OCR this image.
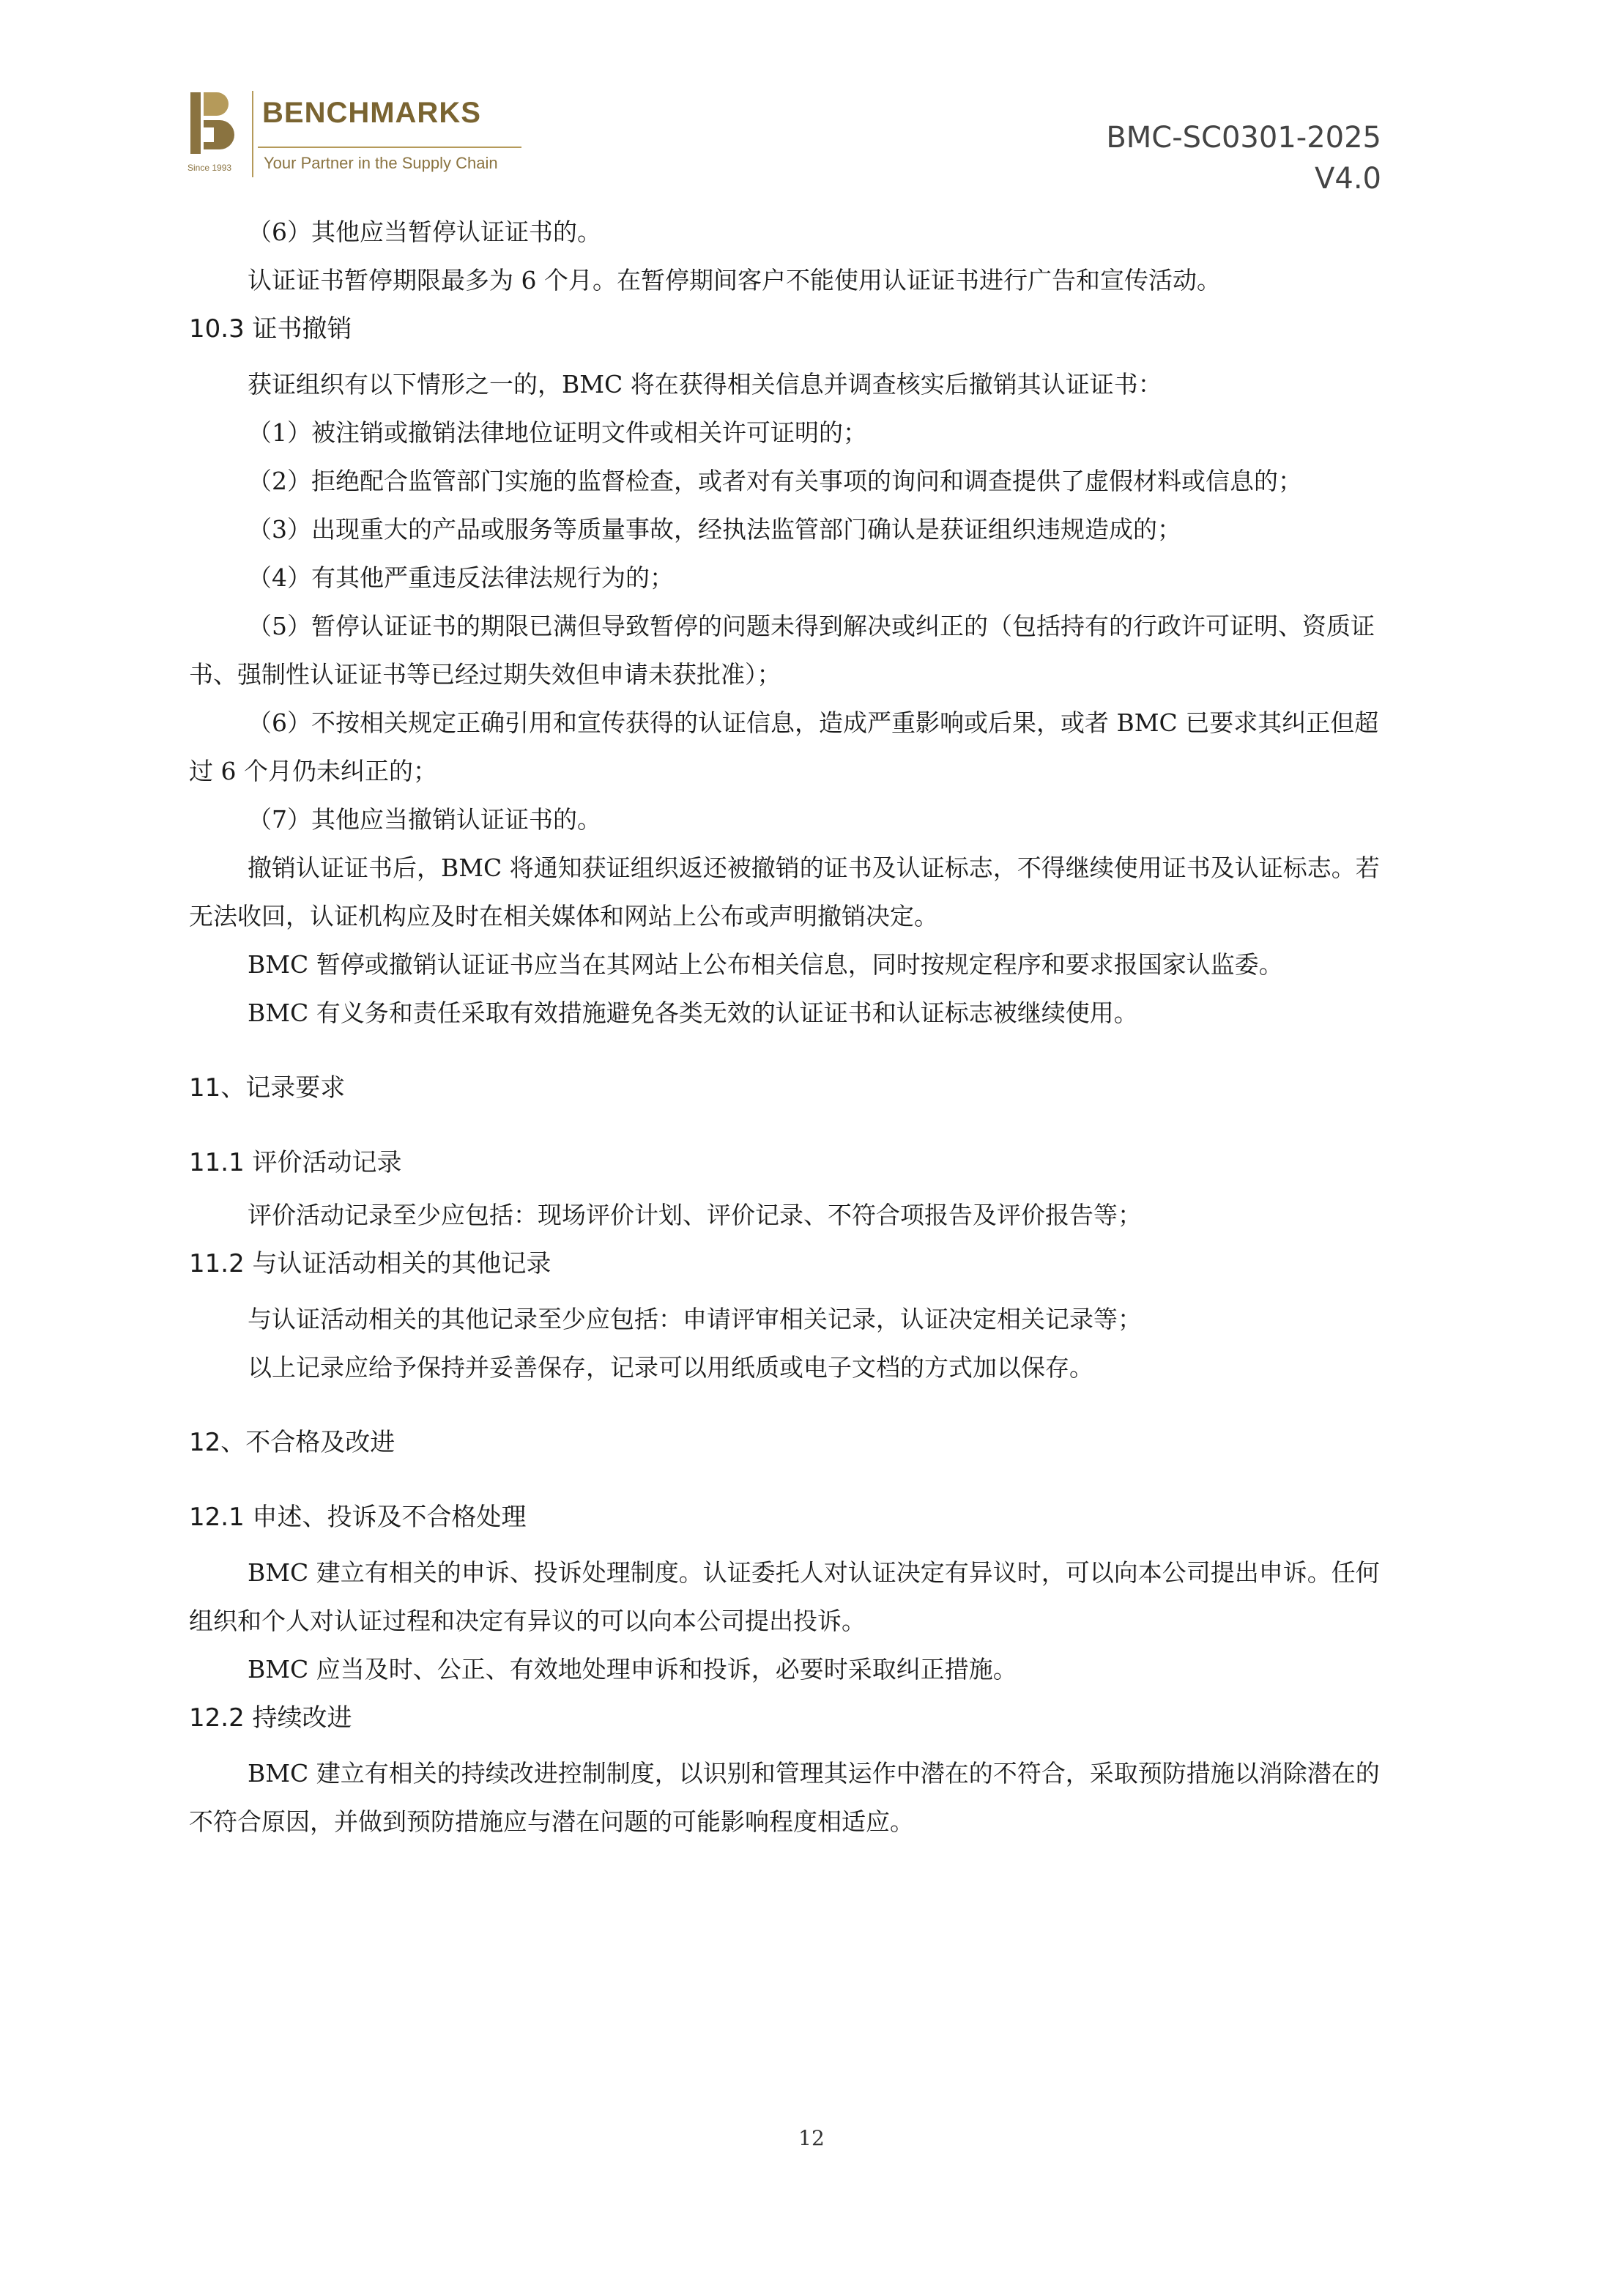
Since 1993
BENCHMARKS
Your Partner in the Supply Chain
BMC-SC0301-2025
V4.0

（6）其他应当暂停认证证书的。

认证证书暂停期限最多为 6 个月。在暂停期间客户不能使用认证证书进行广告和宣传活动。

10.3 证书撤销

获证组织有以下情形之一的，BMC 将在获得相关信息并调查核实后撤销其认证证书：

（1）被注销或撤销法律地位证明文件或相关许可证明的；

（2）拒绝配合监管部门实施的监督检查，或者对有关事项的询问和调查提供了虚假材料或信息的；

（3）出现重大的产品或服务等质量事故，经执法监管部门确认是获证组织违规造成的；

（4）有其他严重违反法律法规行为的；

（5）暂停认证证书的期限已满但导致暂停的问题未得到解决或纠正的（包括持有的行政许可证明、资质证书、强制性认证证书等已经过期失效但申请未获批准）；

（6）不按相关规定正确引用和宣传获得的认证信息，造成严重影响或后果，或者 BMC 已要求其纠正但超过 6 个月仍未纠正的；

（7）其他应当撤销认证证书的。

撤销认证证书后，BMC 将通知获证组织返还被撤销的证书及认证标志，不得继续使用证书及认证标志。若无法收回，认证机构应及时在相关媒体和网站上公布或声明撤销决定。

BMC 暂停或撤销认证证书应当在其网站上公布相关信息，同时按规定程序和要求报国家认监委。

BMC 有义务和责任采取有效措施避免各类无效的认证证书和认证标志被继续使用。

11、记录要求

11.1 评价活动记录

评价活动记录至少应包括：现场评价计划、评价记录、不符合项报告及评价报告等；

11.2 与认证活动相关的其他记录

与认证活动相关的其他记录至少应包括：申请评审相关记录，认证决定相关记录等；

以上记录应给予保持并妥善保存，记录可以用纸质或电子文档的方式加以保存。

12、不合格及改进

12.1 申述、投诉及不合格处理

BMC 建立有相关的申诉、投诉处理制度。认证委托人对认证决定有异议时，可以向本公司提出申诉。任何组织和个人对认证过程和决定有异议的可以向本公司提出投诉。

BMC 应当及时、公正、有效地处理申诉和投诉，必要时采取纠正措施。

12.2 持续改进

BMC 建立有相关的持续改进控制制度，以识别和管理其运作中潜在的不符合，采取预防措施以消除潜在的不符合原因，并做到预防措施应与潜在问题的可能影响程度相适应。

12
